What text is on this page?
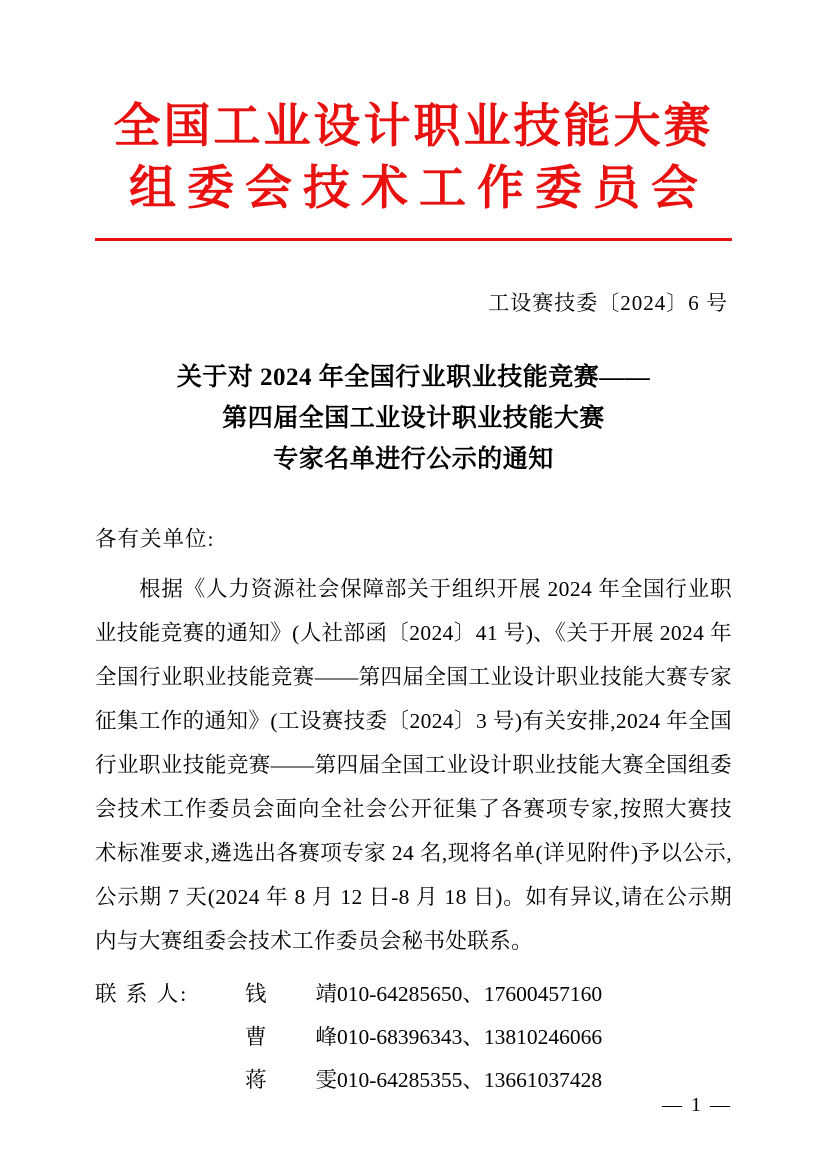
全国工业设计职业技能大赛
组委会技术工作委员会
工设赛技委〔2024〕6 号
关于对 2024 年全国行业职业技能竞赛——
第四届全国工业设计职业技能大赛
专家名单进行公示的通知
各有关单位:

根据《人力资源社会保障部关于组织开展 2024 年全国行业职业技能竞赛的通知》(人社部函〔2024〕41 号)、《关于开展 2024 年全国行业职业技能竞赛——第四届全国工业设计职业技能大赛专家征集工作的通知》(工设赛技委〔2024〕3 号)有关安排,2024 年全国行业职业技能竞赛——第四届全国工业设计职业技能大赛全国组委会技术工作委员会面向全社会公开征集了各赛项专家,按照大赛技术标准要求,遴选出各赛项专家 24 名,现将名单(详见附件)予以公示,公示期 7 天(2024 年 8 月 12 日-8 月 18 日)。如有异议,请在公示期内与大赛组委会技术工作委员会秘书处联系。

联 系 人:	钱 靖 010-64285650、17600457160
曹 峰 010-68396343、13810246066
蒋 雯 010-64285355、13661037428
— 1 —
